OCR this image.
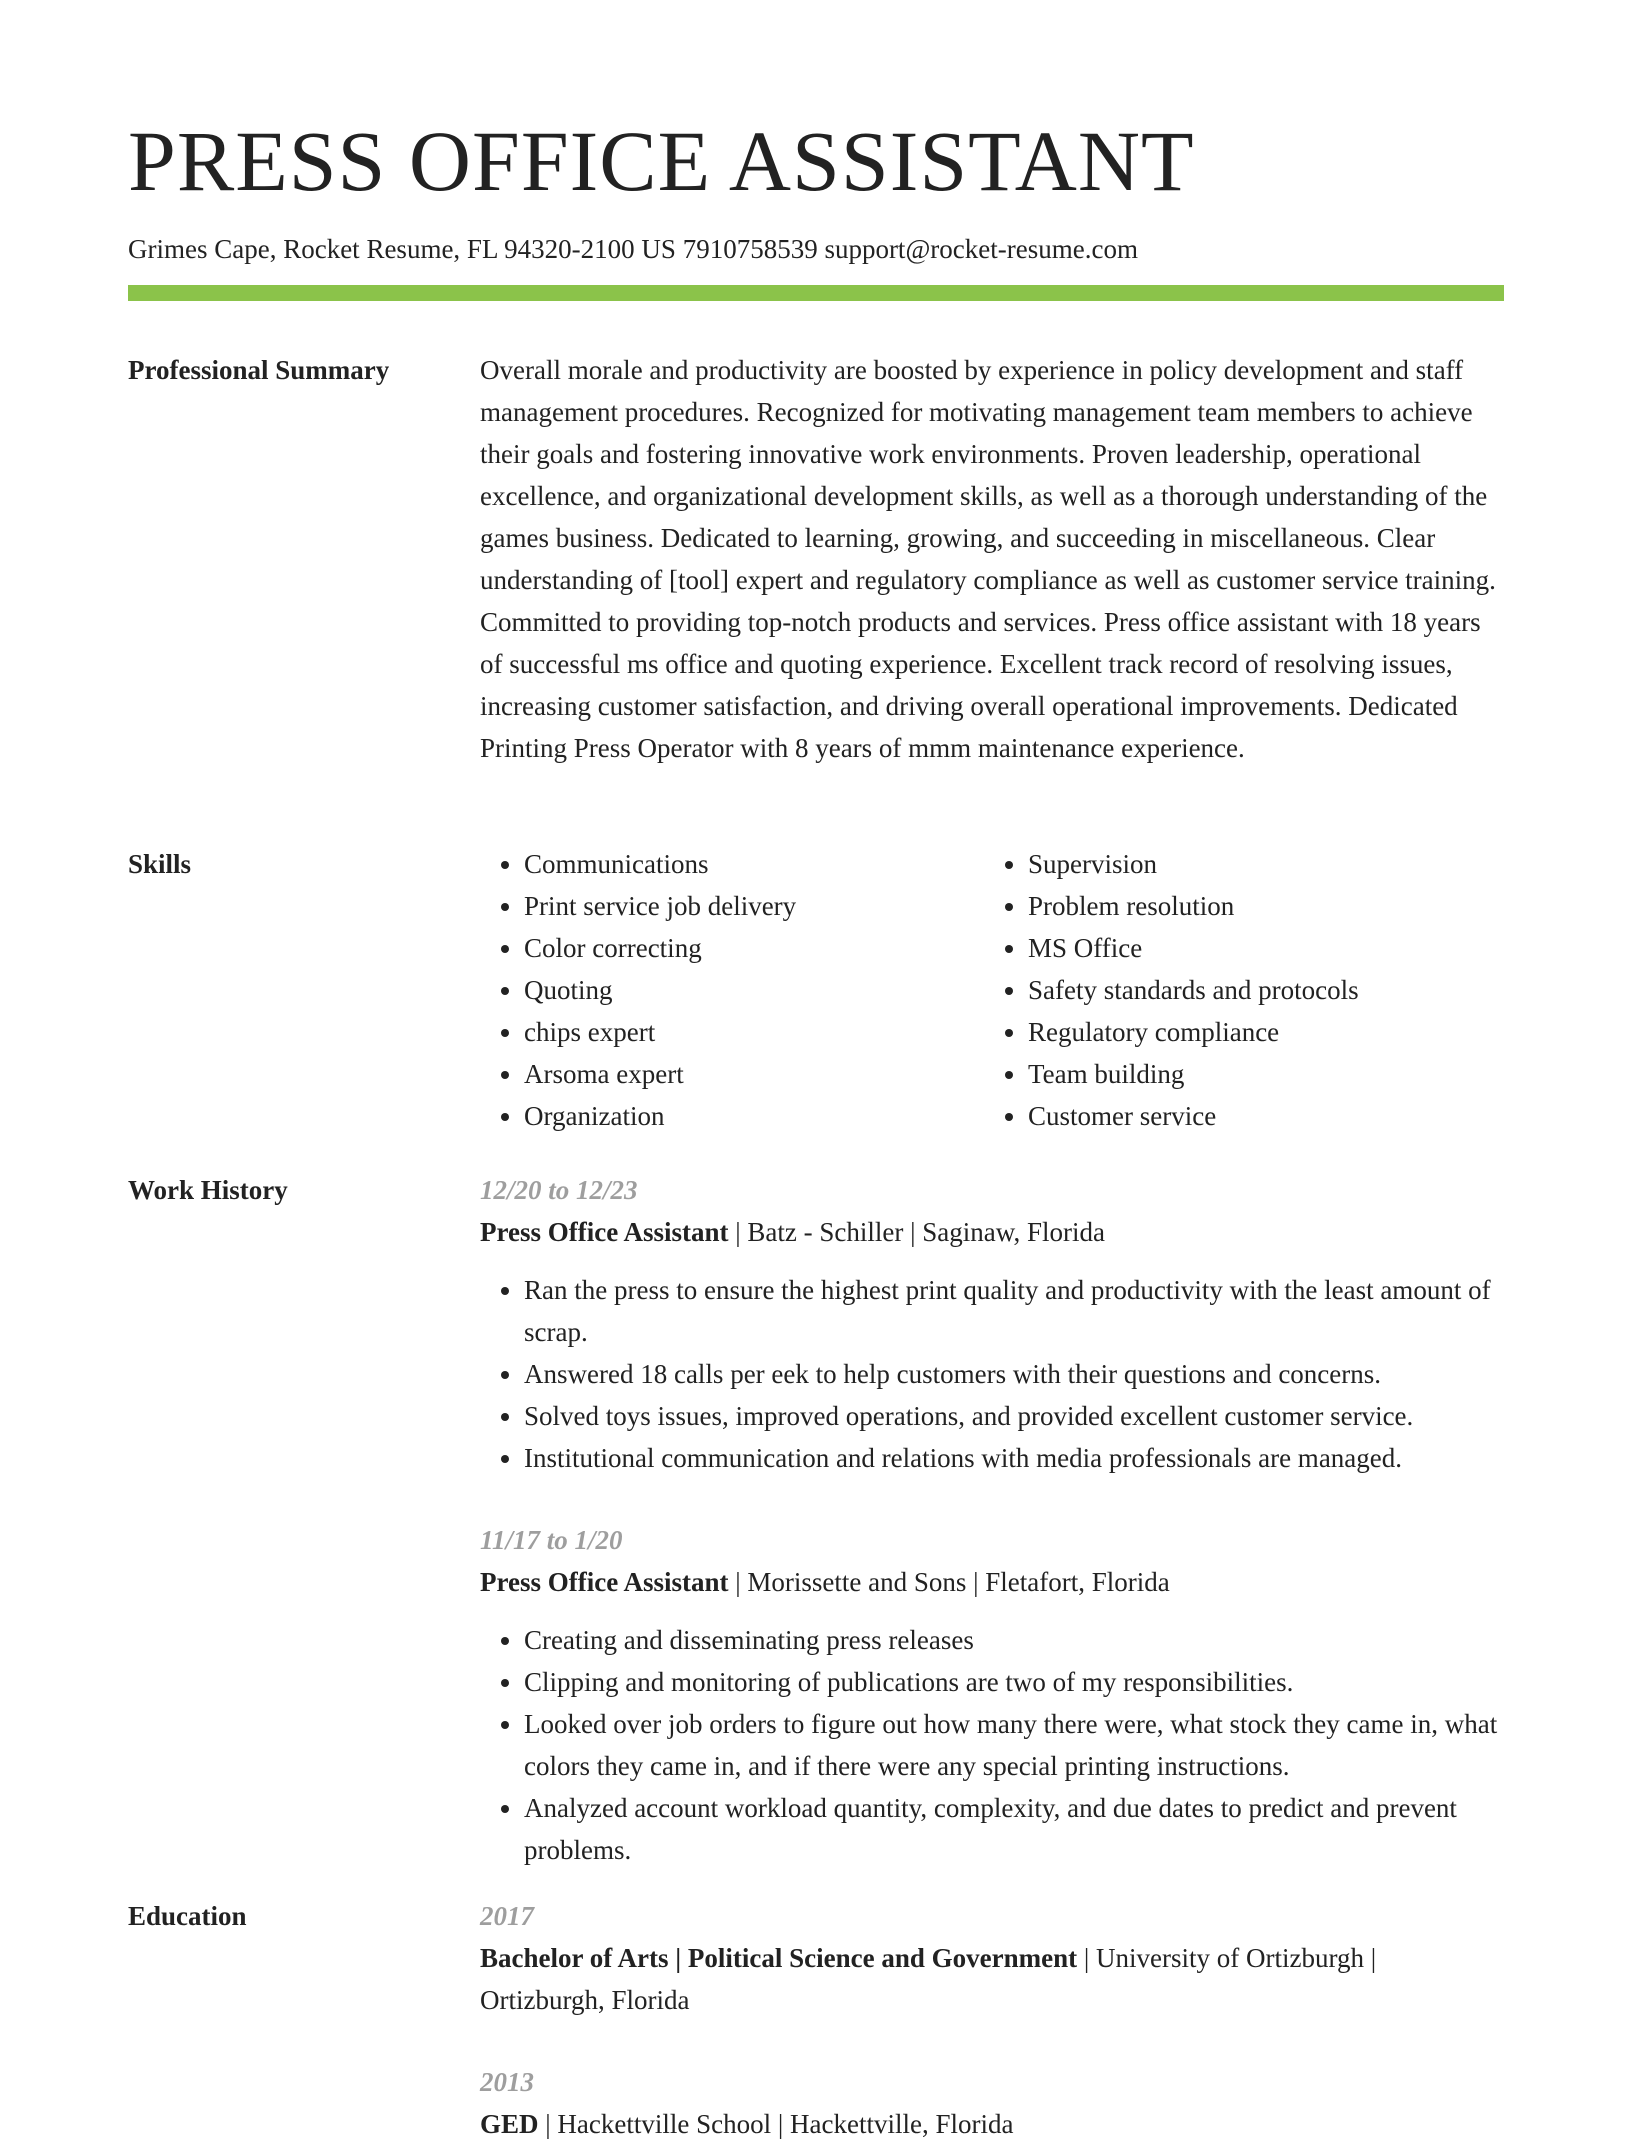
PRESS OFFICE ASSISTANT
Grimes Cape, Rocket Resume, FL 94320-2100 US 7910758539 support@rocket-resume.com
Professional Summary	Overall morale and productivity are boosted by experience in policy development and staff management procedures. Recognized for motivating management team members to achieve their goals and fostering innovative work environments. Proven leadership, operational excellence, and organizational development skills, as well as a thorough understanding of the games business. Dedicated to learning, growing, and succeeding in miscellaneous. Clear understanding of [tool] expert and regulatory compliance as well as customer service training. Committed to providing top-notch products and services. Press office assistant with 18 years of successful ms office and quoting experience. Excellent track record of resolving issues, increasing customer satisfaction, and driving overall operational improvements. Dedicated Printing Press Operator with 8 years of mmm maintenance experience.

Skills
•	Communications
• Print service job delivery
• Color correcting
• Quoting
• chips expert
• Arsoma expert
• Organization
• Supervision
• Problem resolution
• MS Office
• Safety standards and protocols
• Regulatory compliance
• Team building
• Customer service
Work History	12/20 to 12/23
Press Office Assistant | Batz - Schiller | Saginaw, Florida
• Ran the press to ensure the highest print quality and productivity with the least amount of scrap.
• Answered 18 calls per eek to help customers with their questions and concerns.
• Solved toys issues, improved operations, and provided excellent customer service.
• Institutional communication and relations with media professionals are managed.
11/17 to 1/20
Press Office Assistant | Morissette and Sons | Fletafort, Florida
• Creating and disseminating press releases
• Clipping and monitoring of publications are two of my responsibilities.
• Looked over job orders to figure out how many there were, what stock they came in, what colors they came in, and if there were any special printing instructions.
• Analyzed account workload quantity, complexity, and due dates to predict and prevent problems.
Education	2017
Bachelor of Arts | Political Science and Government | University of Ortizburgh | Ortizburgh, Florida
2013
GED | Hackettville School | Hackettville, Florida
